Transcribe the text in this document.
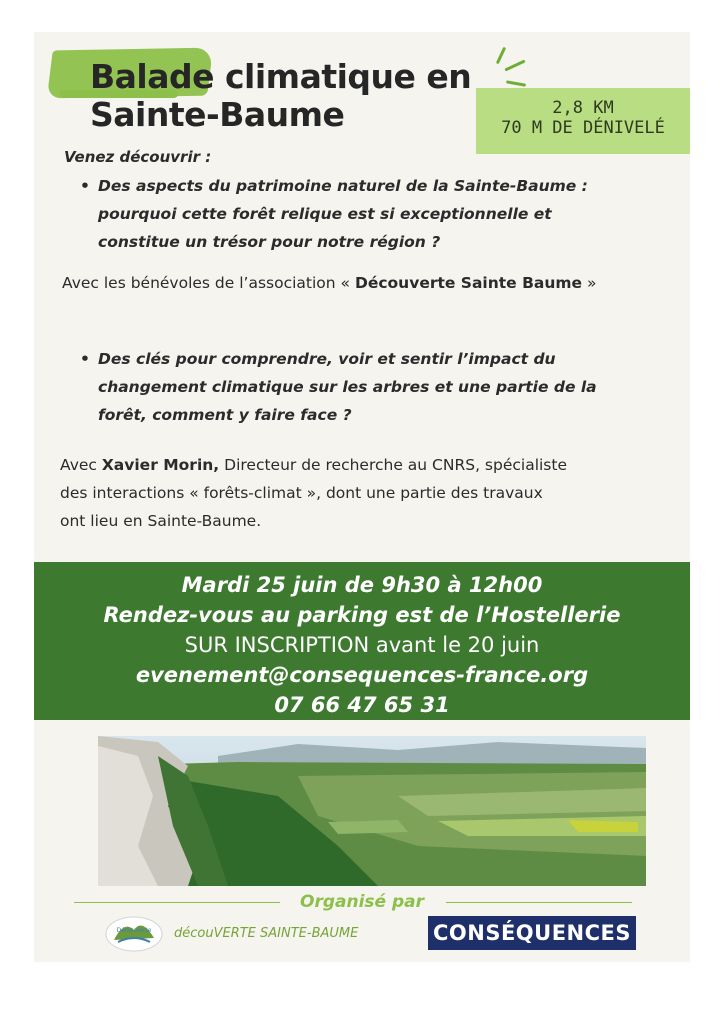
Balade climatique en
Sainte-Baume	2,8 KM
70 M DE DÉNIVELÉ
Venez découvrir :
• Des aspects du patrimoine naturel de la Sainte-Baume :
pourquoi cette forêt relique est si exceptionnelle et
constitue un trésor pour notre région ?
Avec les bénévoles de l’association « Découverte Sainte Baume »
• Des clés pour comprendre, voir et sentir l’impact du
changement climatique sur les arbres et une partie de la
forêt, comment y faire face ?
Avec Xavier Morin, Directeur de recherche au CNRS, spécialiste
des interactions « forêts-climat », dont une partie des travaux
ont lieu en Sainte-Baume.
Mardi 25 juin de 9h30 à 12h00
Rendez-vous au parking est de l’Hostellerie
SUR INSCRIPTION avant le 20 juin
evenement@consequences-france.org
07 66 47 65 31
Organisé par
Découverte découVERTE SAINTE-BAUME	CONSÉQUENCES
